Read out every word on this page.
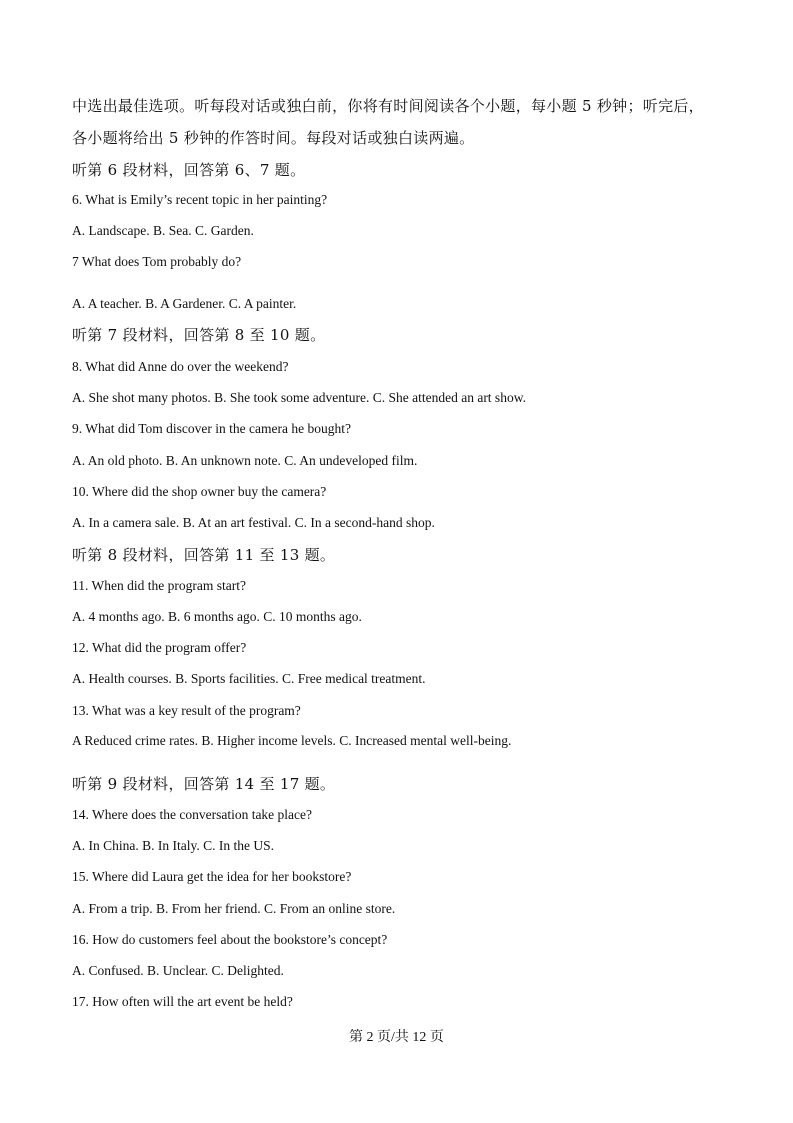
中选出最佳选项。听每段对话或独白前，你将有时间阅读各个小题，每小题 5 秒钟；听完后，
各小题将给出 5 秒钟的作答时间。每段对话或独白读两遍。
听第 6 段材料，回答第 6、7 题。
6. What is Emily’s recent topic in her painting?
A. Landscape. B. Sea. C. Garden.
7 What does Tom probably do?
A. A teacher. B. A Gardener. C. A painter.
听第 7 段材料，回答第 8 至 10 题。
8. What did Anne do over the weekend?
A. She shot many photos. B. She took some adventure. C. She attended an art show.
9. What did Tom discover in the camera he bought?
A. An old photo. B. An unknown note. C. An undeveloped film.
10. Where did the shop owner buy the camera?
A. In a camera sale. B. At an art festival. C. In a second-hand shop.
听第 8 段材料，回答第 11 至 13 题。
11. When did the program start?
A. 4 months ago. B. 6 months ago. C. 10 months ago.
12. What did the program offer?
A. Health courses. B. Sports facilities. C. Free medical treatment.
13. What was a key result of the program?
A Reduced crime rates. B. Higher income levels. C. Increased mental well-being.
听第 9 段材料，回答第 14 至 17 题。
14. Where does the conversation take place?
A. In China. B. In Italy. C. In the US.
15. Where did Laura get the idea for her bookstore?
A. From a trip. B. From her friend. C. From an online store.
16. How do customers feel about the bookstore’s concept?
A. Confused. B. Unclear. C. Delighted.
17. How often will the art event be held?
第 2 页/共 12 页
